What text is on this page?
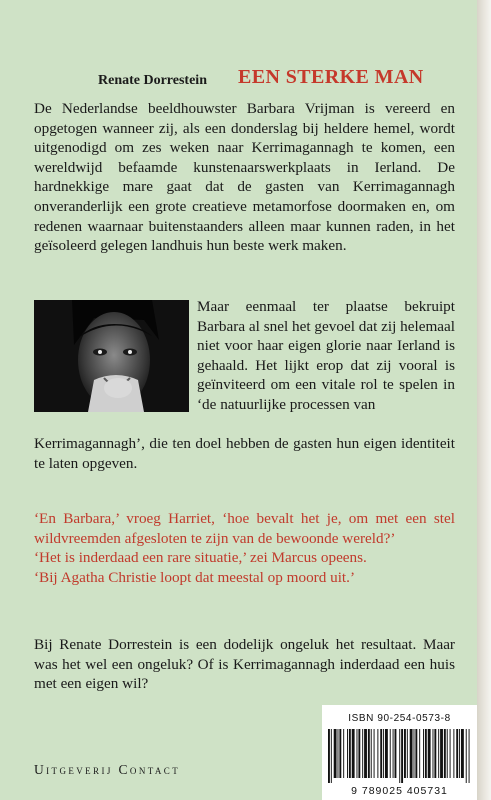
Renate Dorrestein EEN STERKE MAN
De Nederlandse beeldhouwster Barbara Vrijman is vereerd en opgetogen wanneer zij, als een donderslag bij heldere hemel, wordt uitgenodigd om zes weken naar Kerrimagannagh te komen, een wereldwijd befaamde kunstenaarswerkplaats in Ierland. De hardnekkige mare gaat dat de gasten van Kerrimagannagh onveranderlijk een grote creatieve metamorfose doormaken en, om redenen waarnaar buitenstaanders alleen maar kunnen raden, in het geïsoleerd gelegen landhuis hun beste werk maken.
Maar eenmaal ter plaatse bekruipt Barbara al snel het gevoel dat zij helemaal niet voor haar eigen glorie naar Ierland is gehaald. Het lijkt erop dat zij vooral is geïnviteerd om een vitale rol te spelen in ‘de natuurlijke processen van
Kerrimagannagh’, die ten doel hebben de gasten hun eigen identiteit te laten opgeven.
‘En Barbara,’ vroeg Harriet, ‘hoe bevalt het je, om met een stel wildvreemden afgesloten te zijn van de bewoonde wereld?’
‘Het is inderdaad een rare situatie,’ zei Marcus opeens.
‘Bij Agatha Christie loopt dat meestal op moord uit.’
Bij Renate Dorrestein is een dodelijk ongeluk het resultaat. Maar was het wel een ongeluk? Of is Kerrimagannagh inderdaad een huis met een eigen wil?
ISBN 90-254-0573-8
9 789025 405731
Uitgeverij Contact
